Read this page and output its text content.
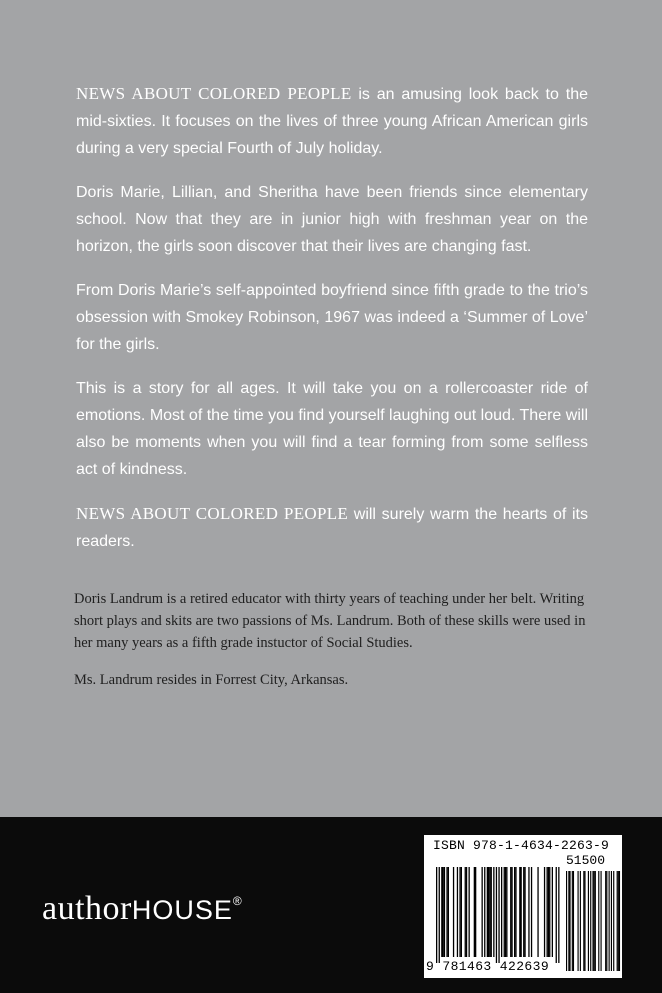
NEWS ABOUT COLORED PEOPLE is an amusing look back to the mid-sixties. It focuses on the lives of three young African American girls during a very special Fourth of July holiday.

Doris Marie, Lillian, and Sheritha have been friends since elementary school. Now that they are in junior high with freshman year on the horizon, the girls soon discover that their lives are changing fast.

From Doris Marie’s self-appointed boyfriend since fifth grade to the trio’s obsession with Smokey Robinson, 1967 was indeed a ‘Summer of Love’ for the girls.

This is a story for all ages. It will take you on a rollercoaster ride of emotions. Most of the time you find yourself laughing out loud. There will also be moments when you will find a tear forming from some selfless act of kindness.

NEWS ABOUT COLORED PEOPLE will surely warm the hearts of its readers.

Doris Landrum is a retired educator with thirty years of teaching under her belt. Writing short plays and skits are two passions of Ms. Landrum. Both of these skills were used in her many years as a fifth grade instuctor of Social Studies.

Ms. Landrum resides in Forrest City, Arkansas.

authorHOUSE®
ISBN 978-1-4634-2263-9
51500
9 781463 422639
